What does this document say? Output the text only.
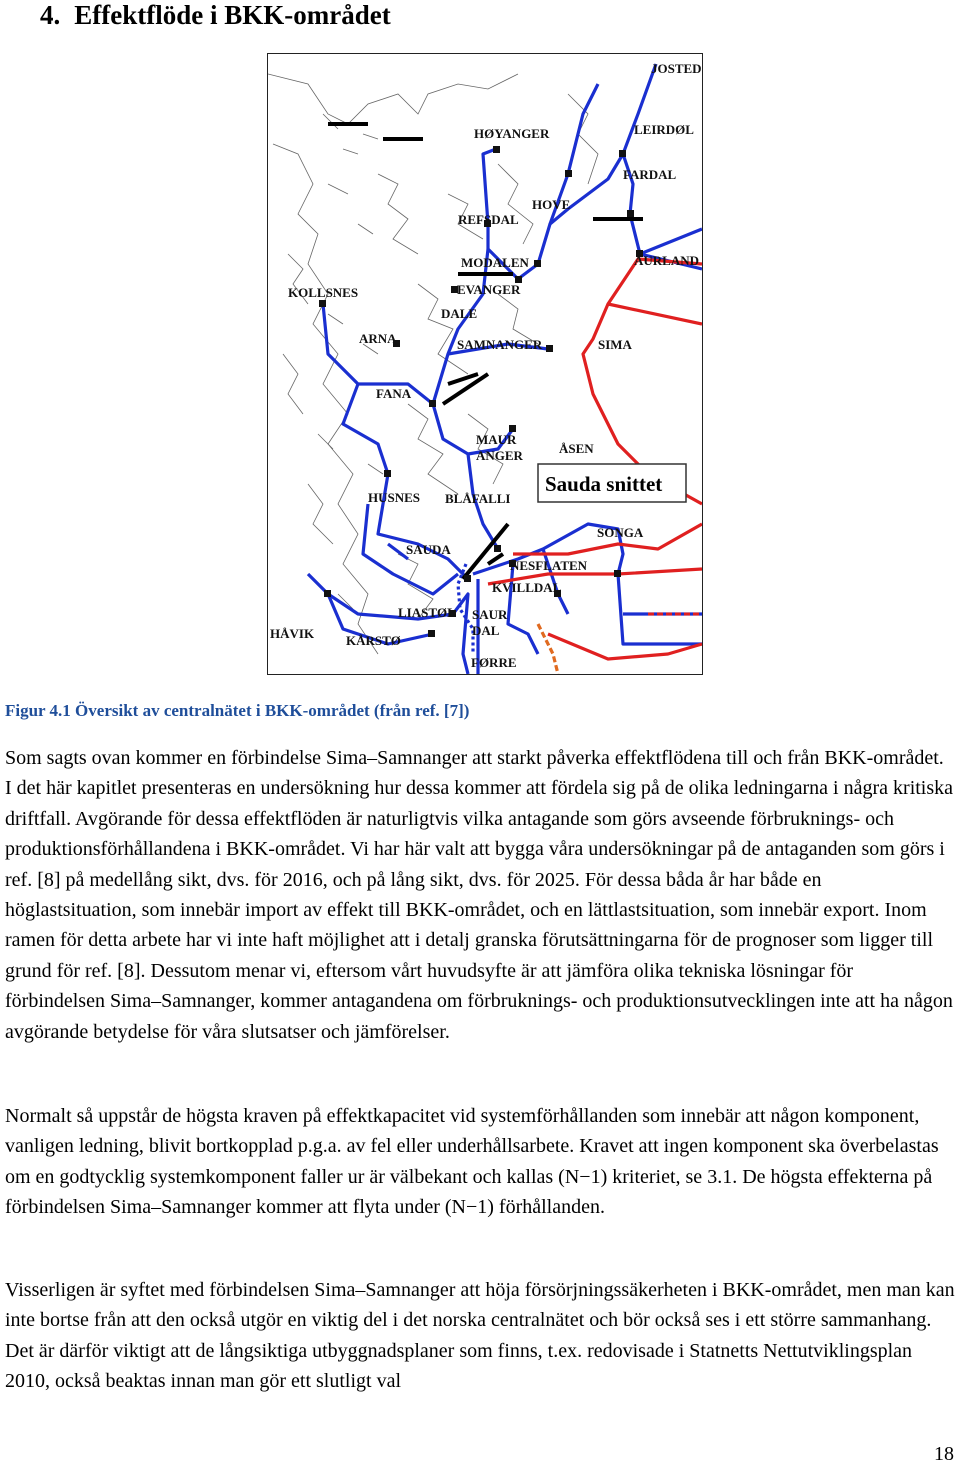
4. Effektflöde i BKK-området
JOSTED
HØYANGER	LEIRDØL
FARDAL
HOVE
REFSDAL
AURLAND
MODALEN
EVANGER
KOLLSNES
DALE
ARNA	SAMNANGER	SIMA
FANA
MAUR
ANGER	ÅSEN
HUSNES BLÅFALLI
Sauda snittet
SONGA
SAUDA
NESFLATEN
KVILLDAL
LIASTØL SAUR
DAL
HÅVIK KÅRSTØ
FØRRE

Figur 4.1 Översikt av centralnätet i BKK-området (från ref. [7])

Som sagts ovan kommer en förbindelse Sima–Samnanger att starkt påverka effektflödena till och från BKK-området. I det här kapitlet presenteras en undersökning hur dessa kommer att fördela sig på de olika ledningarna i några kritiska driftfall. Avgörande för dessa effektflöden är naturligtvis vilka antagande som görs avseende förbruknings- och produktionsförhållandena i BKK-området. Vi har här valt att bygga våra undersökningar på de antaganden som görs i ref. [8] på medellång sikt, dvs. för 2016, och på lång sikt, dvs. för 2025. För dessa båda år har både en höglastsituation, som innebär import av effekt till BKK-området, och en lättlastsituation, som innebär export. Inom ramen för detta arbete har vi inte haft möjlighet att i detalj granska förutsättningarna för de prognoser som ligger till grund för ref. [8]. Dessutom menar vi, eftersom vårt huvudsyfte är att jämföra olika tekniska lösningar för förbindelsen Sima–Samnanger, kommer antagandena om förbruknings- och produktionsutvecklingen inte att ha någon avgörande betydelse för våra slutsatser och jämförelser.

Normalt så uppstår de högsta kraven på effektkapacitet vid systemförhållanden som innebär att någon komponent, vanligen ledning, blivit bortkopplad p.g.a. av fel eller underhållsarbete. Kravet att ingen komponent ska överbelastas om en godtycklig systemkomponent faller ur är välbekant och kallas (N−1) kriteriet, se 3.1. De högsta effekterna på förbindelsen Sima–Samnanger kommer att flyta under (N−1) förhållanden.

Visserligen är syftet med förbindelsen Sima–Samnanger att höja försörjningssäkerheten i BKK-området, men man kan inte bortse från att den också utgör en viktig del i det norska centralnätet och bör också ses i ett större sammanhang. Det är därför viktigt att de långsiktiga utbyggnadsplaner som finns, t.ex. redovisade i Statnetts Nettutviklingsplan 2010, också beaktas innan man gör ett slutligt val

18
